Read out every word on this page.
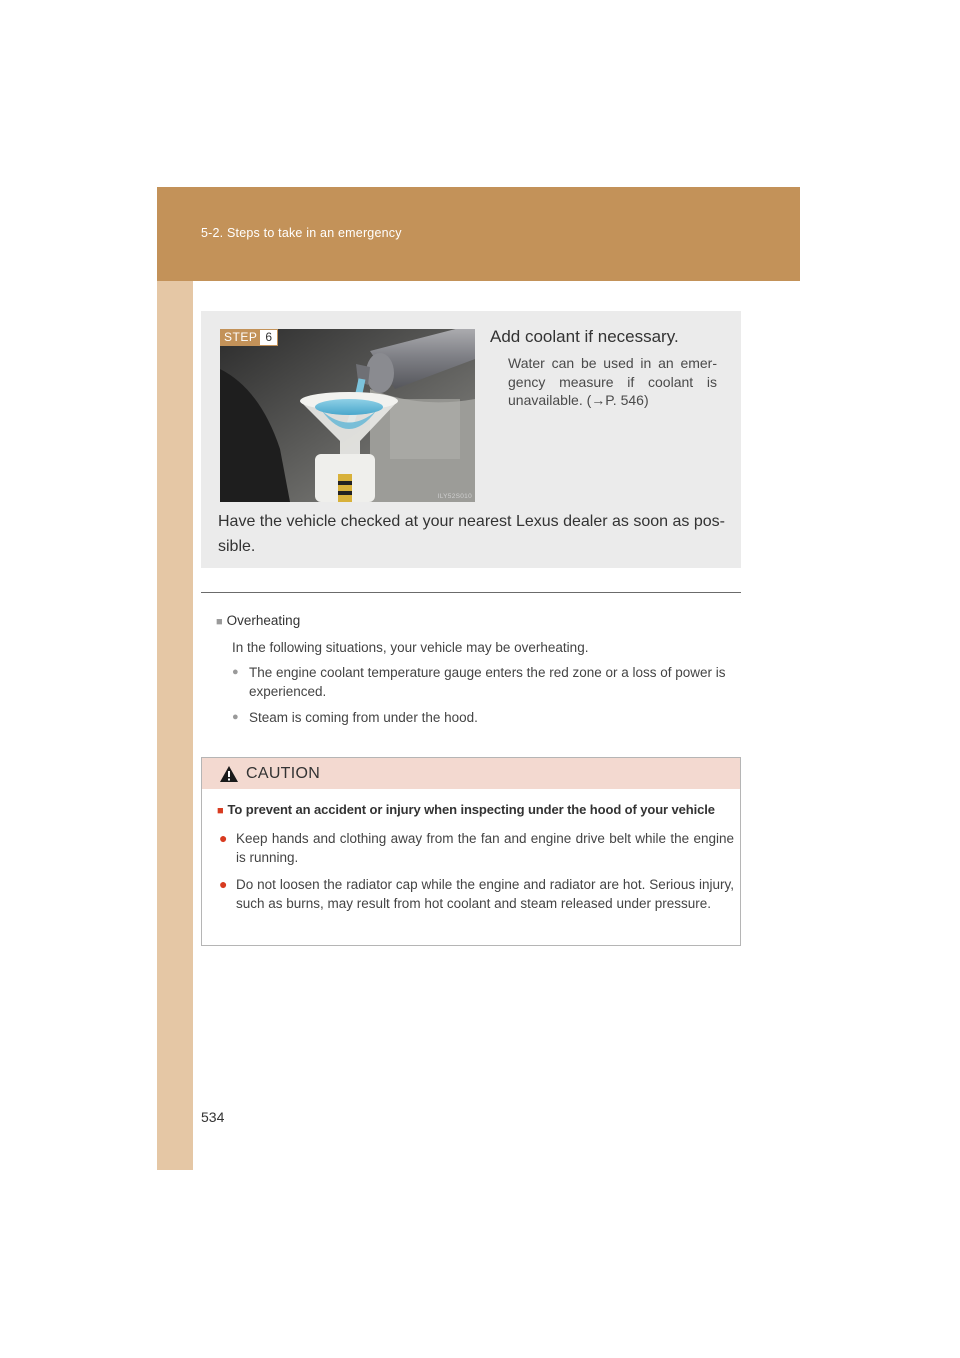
5-2. Steps to take in an emergency
STEP 6
ILY52S010
Add coolant if necessary.
Water can be used in an emer-gency measure if coolant is unavailable. (→P. 546)
Have the vehicle checked at your nearest Lexus dealer as soon as pos-sible.
■ Overheating
In the following situations, your vehicle may be overheating.
● The engine coolant temperature gauge enters the red zone or a loss of power is experienced.
● Steam is coming from under the hood.
CAUTION
■ To prevent an accident or injury when inspecting under the hood of your vehicle
● Keep hands and clothing away from the fan and engine drive belt while the engine is running.
● Do not loosen the radiator cap while the engine and radiator are hot. Serious injury, such as burns, may result from hot coolant and steam released under pressure.
534
